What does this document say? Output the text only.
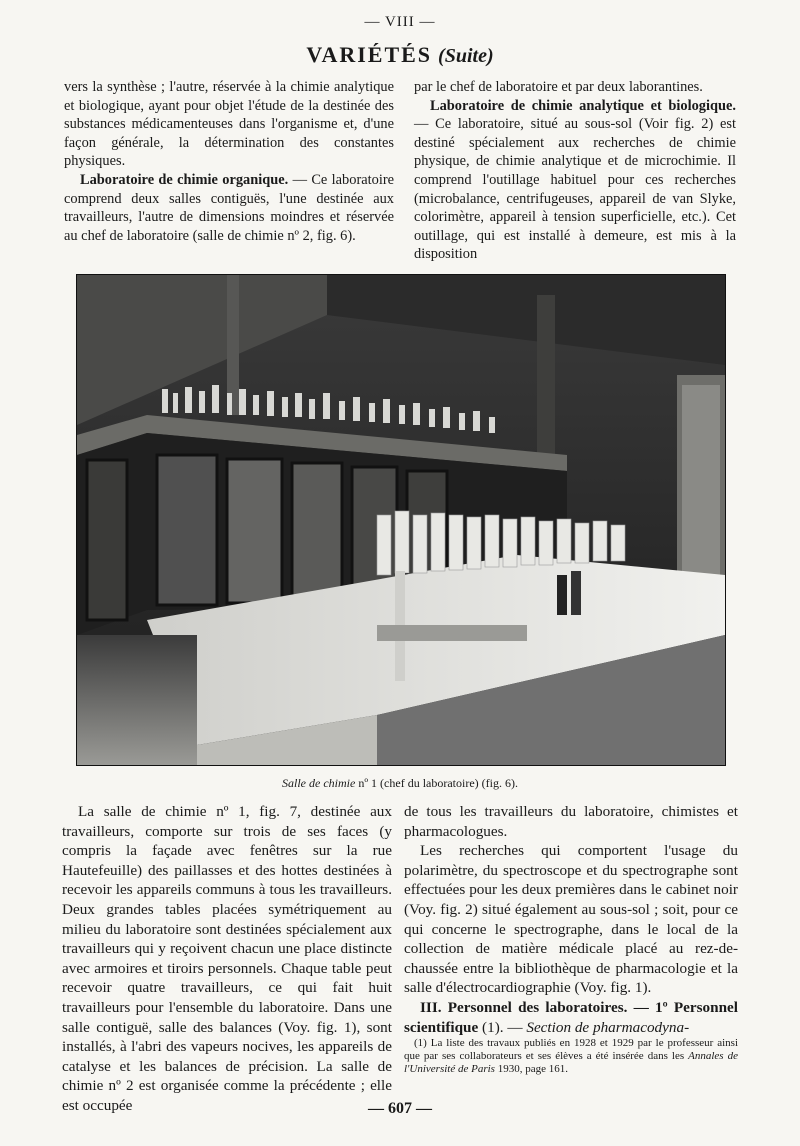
— VIII —
VARIÉTÉS (Suite)

vers la synthèse ; l'autre, réservée à la chimie analytique et biologique, ayant pour objet l'étude de la destinée des substances médicamenteuses dans l'organisme et, d'une façon générale, la détermination des constantes physiques.

Laboratoire de chimie organique. — Ce laboratoire comprend deux salles contiguës, l'une destinée aux travailleurs, l'autre de dimensions moindres et réservée au chef de laboratoire (salle de chimie nº 2, fig. 6).

par le chef de laboratoire et par deux laborantines.

Laboratoire de chimie analytique et biologique. — Ce laboratoire, situé au sous-sol (Voir fig. 2) est destiné spécialement aux recherches de chimie physique, de chimie analytique et de microchimie. Il comprend l'outillage habituel pour ces recherches (microbalance, centrifugeuses, appareil de van Slyke, colorimètre, appareil à tension superficielle, etc.). Cet outillage, qui est installé à demeure, est mis à la disposition

Salle de chimie nº 1 (chef du laboratoire) (fig. 6).

La salle de chimie nº 1, fig. 7, destinée aux travailleurs, comporte sur trois de ses faces (y compris la façade avec fenêtres sur la rue Hautefeuille) des paillasses et des hottes destinées à recevoir les appareils communs à tous les travailleurs. Deux grandes tables placées symétriquement au milieu du laboratoire sont destinées spécialement aux travailleurs qui y reçoivent chacun une place distincte avec armoires et tiroirs personnels. Chaque table peut recevoir quatre travailleurs, ce qui fait huit travailleurs pour l'ensemble du laboratoire. Dans une salle contiguë, salle des balances (Voy. fig. 1), sont installés, à l'abri des vapeurs nocives, les appareils de catalyse et les balances de précision. La salle de chimie nº 2 est organisée comme la précédente ; elle est occupée

de tous les travailleurs du laboratoire, chimistes et pharmacologues.

Les recherches qui comportent l'usage du polarimètre, du spectroscope et du spectrographe sont effectuées pour les deux premières dans le cabinet noir (Voy. fig. 2) situé également au sous-sol ; soit, pour ce qui concerne le spectrographe, dans le local de la collection de matière médicale placé au rez-de-chaussée entre la bibliothèque de pharmacologie et la salle d'électrocardiographie (Voy. fig. 1).

III. Personnel des laboratoires. — 1º Personnel scientifique (1). — Section de pharmacodyna-

(1) La liste des travaux publiés en 1928 et 1929 par le professeur ainsi que par ses collaborateurs et ses élèves a été insérée dans les Annales de l'Université de Paris 1930, page 161.

— 607 —
